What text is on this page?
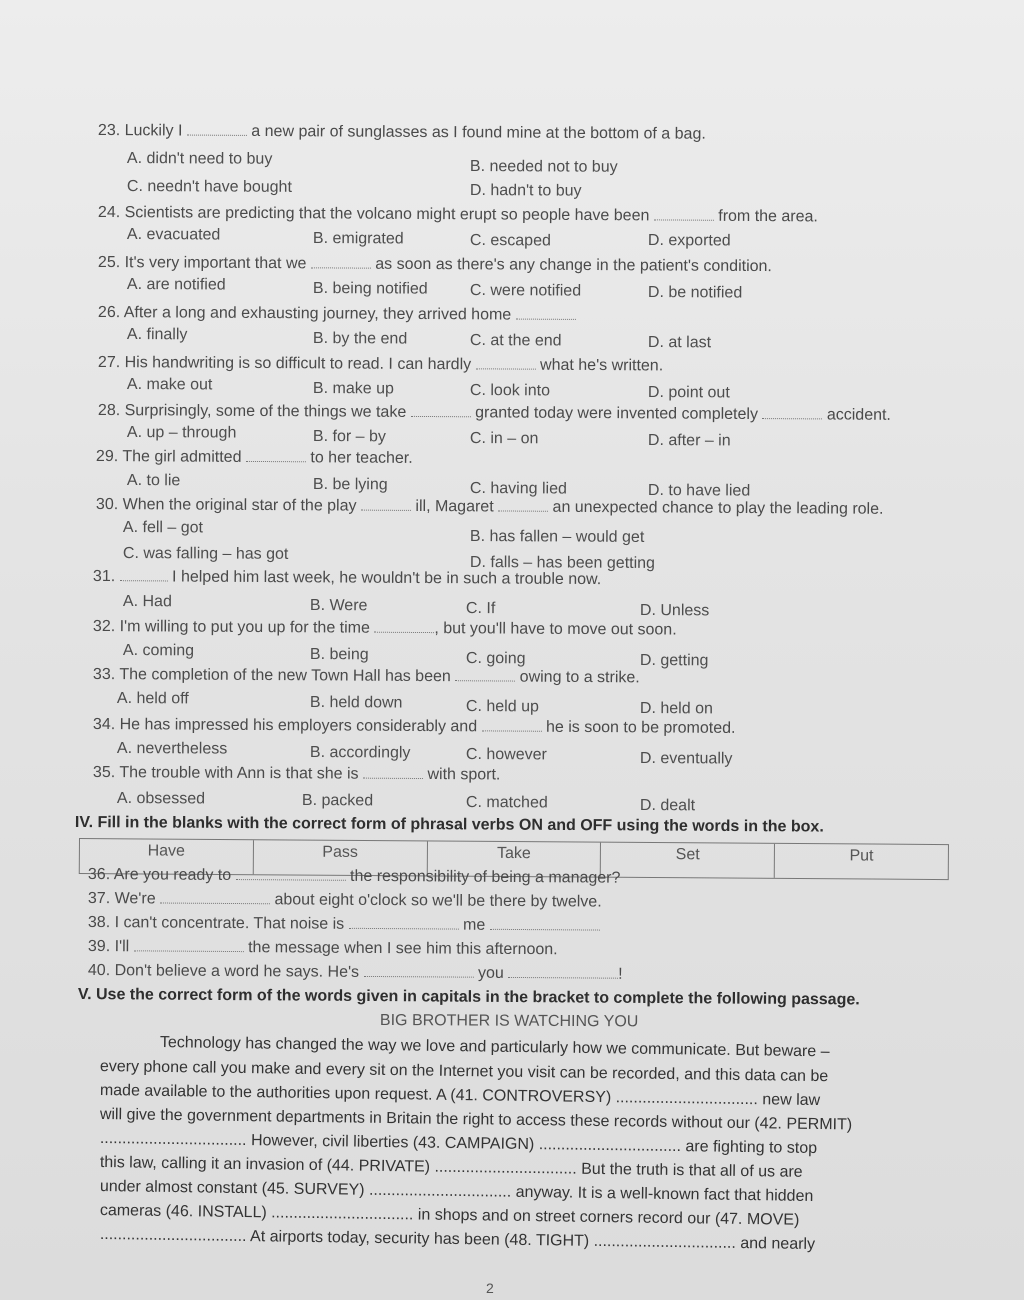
23. Luckily I	a new pair of sunglasses as I found mine at the bottom of a bag.
A. didn't need to buy	B. needed not to buy
C. needn't have bought	D. hadn't to buy
24. Scientists are predicting that the volcano might erupt so people have been	from the area.
A. evacuated	B. emigrated	C. escaped	D. exported
25. It's very important that we	as soon as there's any change in the patient's condition.
A. are notified	B. being notified	C. were notified	D. be notified
26. After a long and exhausting journey, they arrived home
A. finally	B. by the end	C. at the end	D. at last
27. His handwriting is so difficult to read. I can hardly	what he's written.
A. make out	B. make up	C. look into	D. point out
28. Surprisingly, some of the things we take	granted today were invented completely	accident.
A. up – through	B. for – by	C. in – on	D. after – in
29. The girl admitted	to her teacher.
A. to lie	B. be lying	C. having lied	D. to have lied
30. When the original star of the play	ill, Magaret	an unexpected chance to play the leading role.
A. fell – got
B. has fallen – would get
C. was falling – has got
D. falls – has been getting
31.	I helped him last week, he wouldn't be in such a trouble now.
A. Had	B. Were	C. If	D. Unless
32. I'm willing to put you up for the time	, but you'll have to move out soon.
A. coming	B. being	C. going	D. getting
33. The completion of the new Town Hall has been	owing to a strike.
A. held off	B. held down	C. held up	D. held on
34. He has impressed his employers considerably and	he is soon to be promoted.
A. nevertheless	B. accordingly	C. however	D. eventually
35. The trouble with Ann is that she is	with sport.
A. obsessed	B. packed	C. matched	D. dealt
IV. Fill in the blanks with the correct form of phrasal verbs ON and OFF using the words in the box.
Have	Pass	Take	Set	Put
36. Are you ready to	the responsibility of being a manager?
37. We're	about eight o'clock so we'll be there by twelve.
38. I can't concentrate. That noise is	me
39. I'll	the message when I see him this afternoon.
40. Don't believe a word he says. He's	you	!
V. Use the correct form of the words given in capitals in the bracket to complete the following passage.
BIG BROTHER IS WATCHING YOU
Technology has changed the way we love and particularly how we communicate. But beware –
every phone call you make and every sit on the Internet you visit can be recorded, and this data can be
made available to the authorities upon request. A (41. CONTROVERSY) ................................ new law
will give the government departments in Britain the right to access these records without our (42. PERMIT)
................................. However, civil liberties (43. CAMPAIGN) ................................ are fighting to stop
this law, calling it an invasion of (44. PRIVATE) ................................ But the truth is that all of us are
under almost constant (45. SURVEY) ................................ anyway. It is a well-known fact that hidden
cameras (46. INSTALL) ................................ in shops and on street corners record our (47. MOVE)
................................. At airports today, security has been (48. TIGHT) ................................ and nearly
2
